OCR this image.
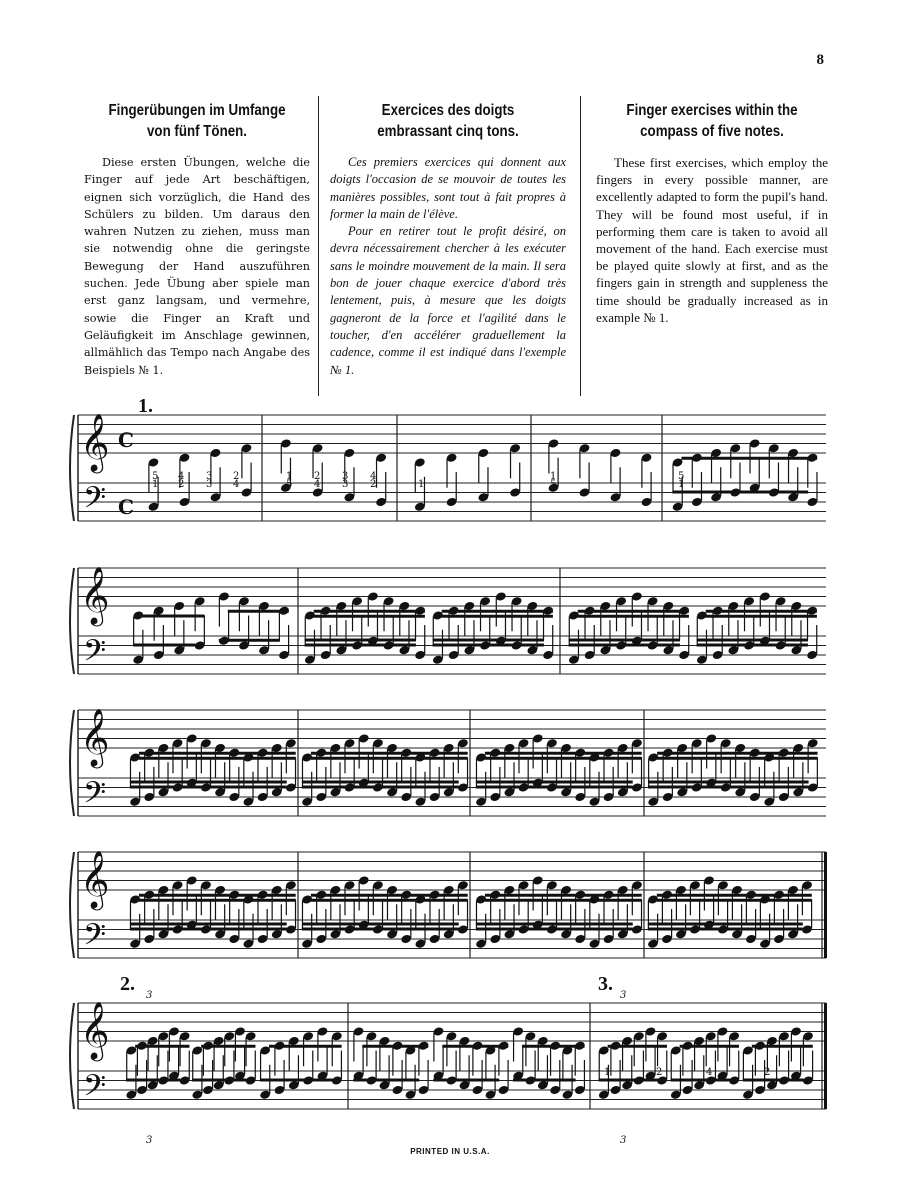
8
Fingerübungen im Umfange von fünf Tönen.

Diese ersten Übungen, welche die Finger auf jede Art beschäftigen, eignen sich vorzüglich, die Hand des Schülers zu bilden. Um daraus den wahren Nutzen zu ziehen, muss man sie notwendig ohne die geringste Bewegung der Hand auszuführen suchen. Jede Übung aber spiele man erst ganz langsam, und vermehre, sowie die Finger an Kraft und Geläufigkeit im Anschlage gewinnen, allmählich das Tempo nach Angabe des Beispiels № 1.

Exercices des doigts embrassant cinq tons.

Ces premiers exercices qui donnent aux doigts l'occasion de se mouvoir de toutes les manières possibles, sont tout à fait propres à former la main de l'élève.

Pour en retirer tout le profit désiré, on devra nécessairement chercher à les exécuter sans le moindre mouvement de la main. Il sera bon de jouer chaque exercice d'abord très lentement, puis, à mesure que les doigts gagneront de la force et l'agilité dans le toucher, d'en accélérer graduellement la cadence, comme il est indiqué dans l'exemple № 1.

Finger exercises within the compass of five notes.

These first exercises, which employ the fingers in every possible manner, are excellently adapted to form the pupil's hand. They will be found most useful, if in performing them care is taken to avoid all movement of the hand. Each exercise must be played quite slowly at first, and as the fingers gain in strength and suppleness the time should be gradually increased as in example № 1.

𝄞
𝄢
C
C
1.
1 2 3 4	5 4 3 2	1	5	1
5 4 3 2	1 2 3 4	1	5
𝄞
𝄢
𝄞
𝄢
𝄞
𝄢
𝄞
𝄢
2.	3.
3
3
3
3
1	2	4	2
PRINTED IN U.S.A.
